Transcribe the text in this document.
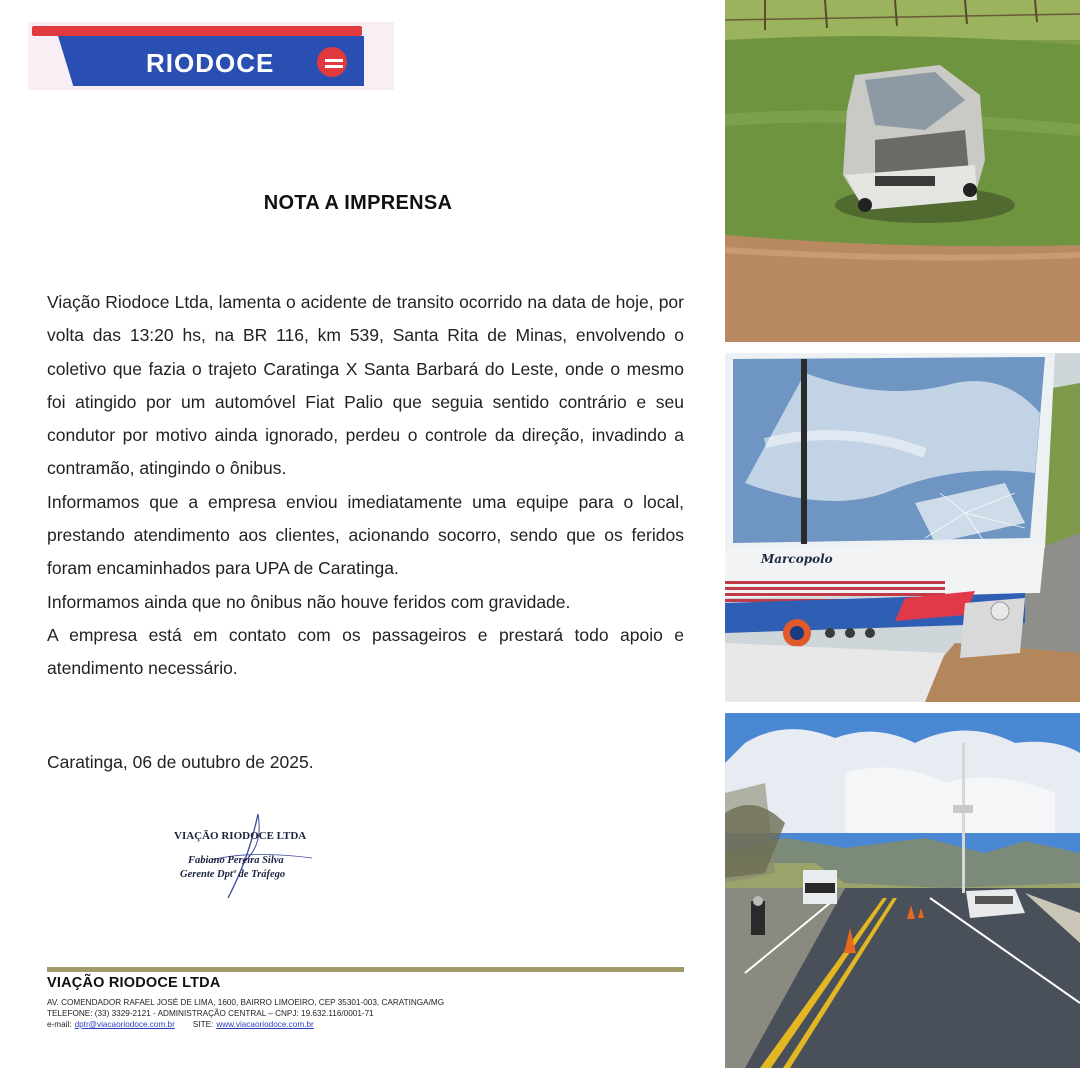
RIODOCE
NOTA A IMPRENSA

Viação Riodoce Ltda, lamenta o acidente de transito ocorrido na data de hoje, por volta das 13:20 hs, na BR 116, km 539, Santa Rita de Minas, envolvendo o coletivo que fazia o trajeto Caratinga X Santa Barbará do Leste, onde o mesmo foi atingido por um automóvel Fiat Palio que seguia sentido contrário e seu condutor por motivo ainda ignorado, perdeu o controle da direção, invadindo a contramão, atingindo o ônibus.

Informamos que a empresa enviou imediatamente uma equipe para o local, prestando atendimento aos clientes, acionando socorro, sendo que os feridos foram encaminhados para UPA de Caratinga.

Informamos ainda que no ônibus não houve feridos com gravidade.

A empresa está em contato com os passageiros e prestará todo apoio e atendimento necessário.

Caratinga, 06 de outubro de 2025.
VIAÇÃO RIODOCE LTDA
Fabiano Pereira Silva
Gerente Dptº de Tráfego
VIAÇÃO RIODOCE LTDA
AV. COMENDADOR RAFAEL JOSÉ DE LIMA, 1600, BAIRRO LIMOEIRO, CEP 35301-003, CARATINGA/MG
TELEFONE: (33) 3329-2121 - ADMINISTRAÇÃO CENTRAL – CNPJ: 19.632.116/0001-71
e-mail: dptr@viacaoriodoce.com.br SITE: www.viacaoriodoce.com.br
Marcopolo
